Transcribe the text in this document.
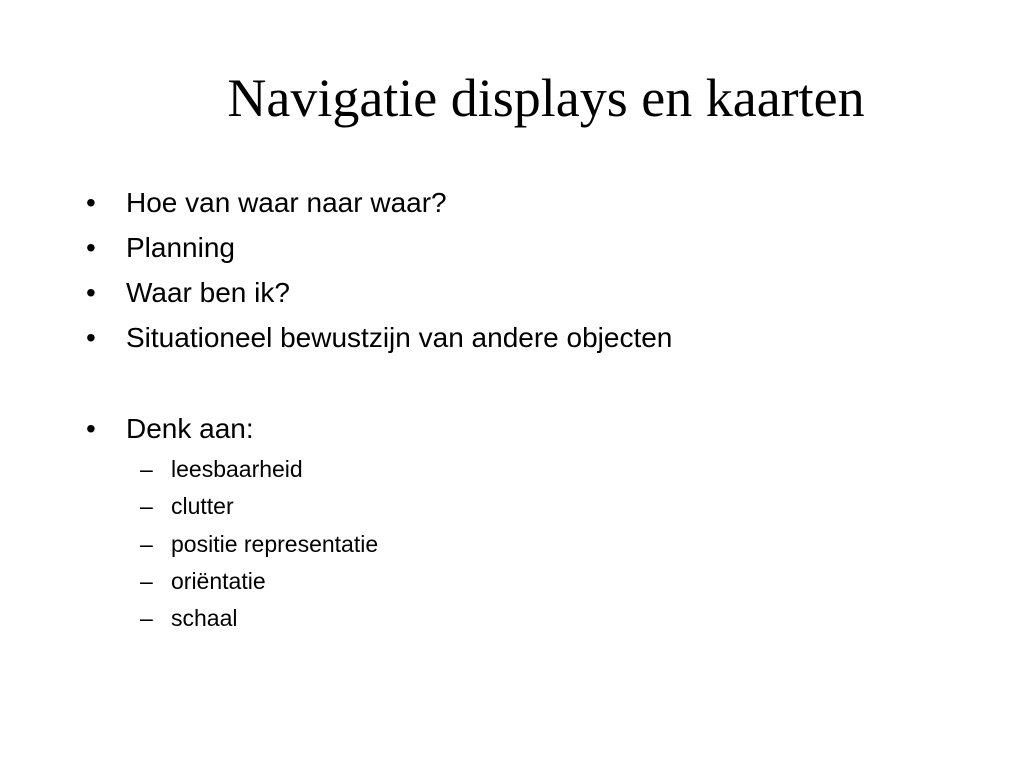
Navigatie displays en kaarten
• Hoe van waar naar waar?
• Planning
• Waar ben ik?
• Situationeel bewustzijn van andere objecten
• Denk aan:
– leesbaarheid
– clutter
– positie representatie
– oriëntatie
– schaal
